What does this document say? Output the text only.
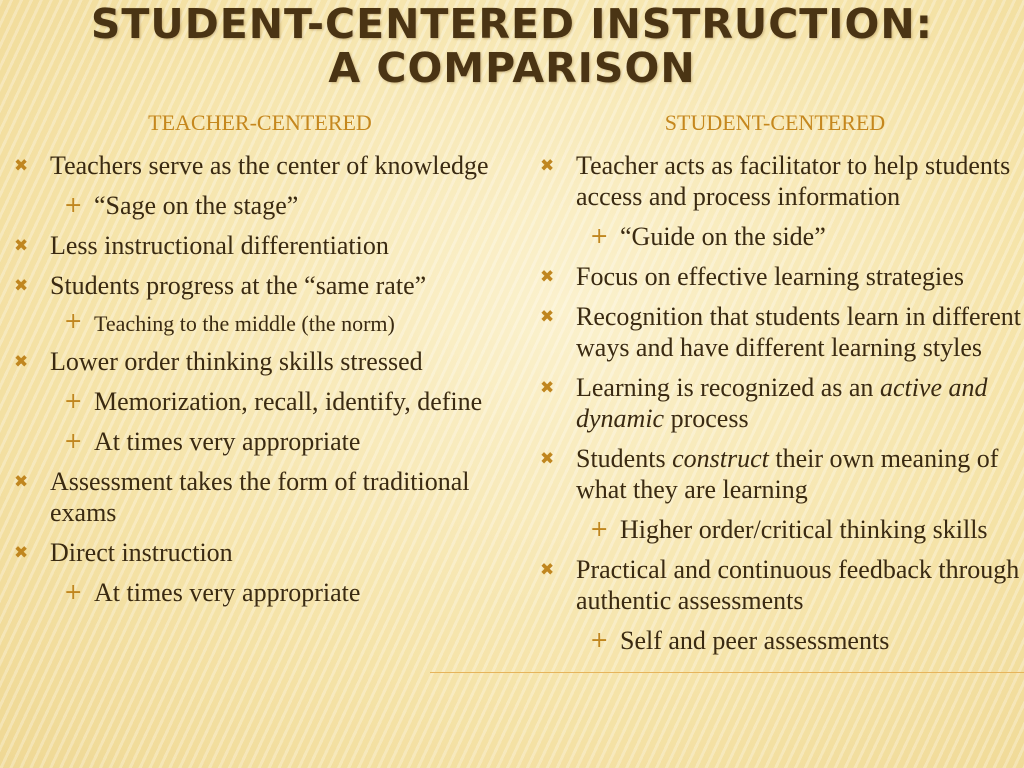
STUDENT-CENTERED INSTRUCTION:
A COMPARISON
TEACHER-CENTERED	STUDENT-CENTERED
✖ Teachers serve as the center of knowledge
+ “Sage on the stage”
✖ Less instructional differentiation
✖ Students progress at the “same rate”
+ Teaching to the middle (the norm)
✖ Lower order thinking skills stressed
+ Memorization, recall, identify, define
+ At times very appropriate
✖ Assessment takes the form of traditional exams
✖ Direct instruction
+ At times very appropriate
✖ Teacher acts as facilitator to help students access and process information
+ “Guide on the side”
✖ Focus on effective learning strategies
✖ Recognition that students learn in different ways and have different learning styles
✖ Learning is recognized as an active and dynamic process
✖ Students construct their own meaning of what they are learning
+ Higher order/critical thinking skills
✖ Practical and continuous feedback through authentic assessments
+ Self and peer assessments
